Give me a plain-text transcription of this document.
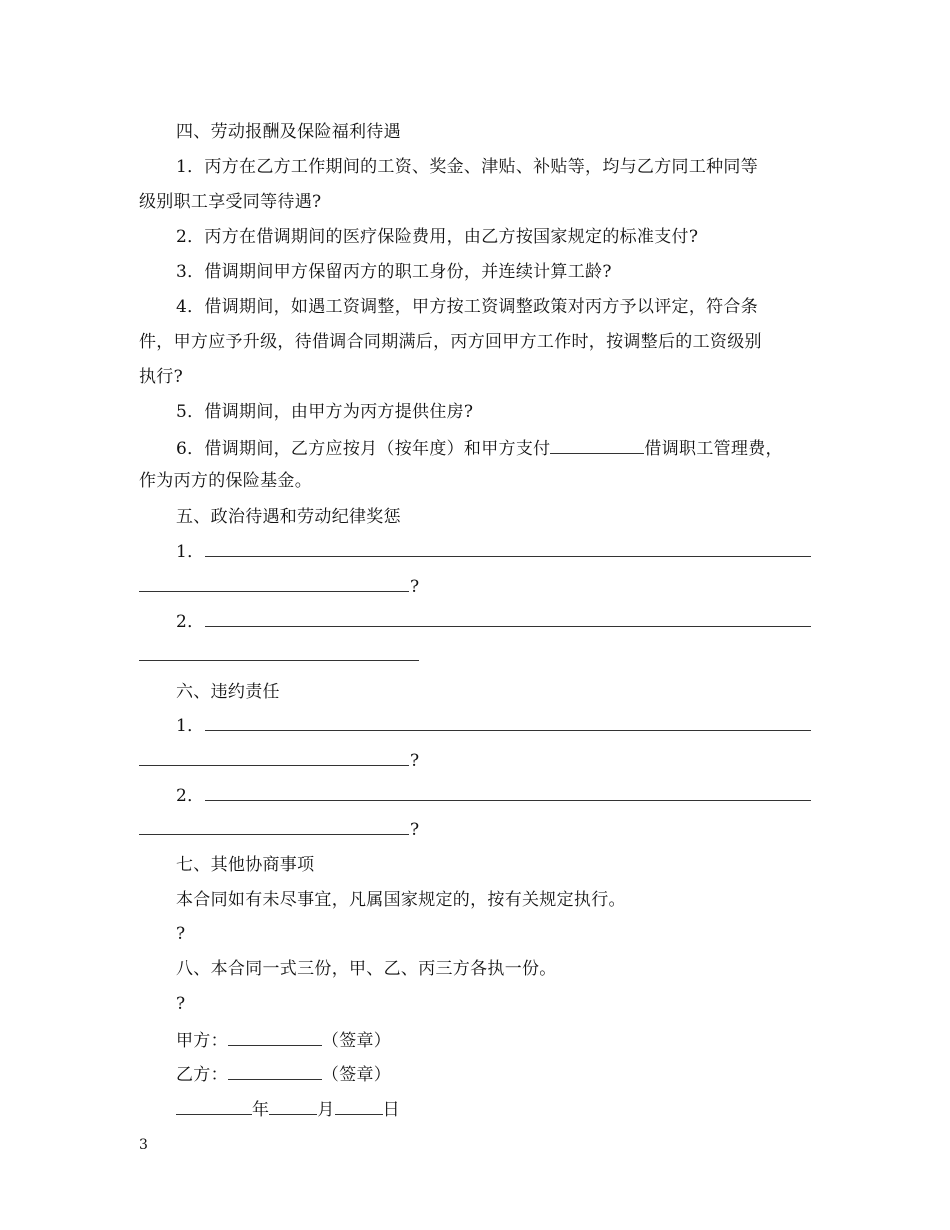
四、劳动报酬及保险福利待遇
1．丙方在乙方工作期间的工资、奖金、津贴、补贴等，均与乙方同工种同等
级别职工享受同等待遇?
2．丙方在借调期间的医疗保险费用，由乙方按国家规定的标准支付?
3．借调期间甲方保留丙方的职工身份，并连续计算工龄?
4．借调期间，如遇工资调整，甲方按工资调整政策对丙方予以评定，符合条
件，甲方应予升级，待借调合同期满后，丙方回甲方工作时，按调整后的工资级别
执行?
5．借调期间，由甲方为丙方提供住房?
6．借调期间，乙方应按月（按年度）和甲方支付	借调职工管理费，
作为丙方的保险基金。
五、政治待遇和劳动纪律奖惩
1．
?
2．
六、违约责任
1．
?
2．
?
七、其他协商事项
本合同如有未尽事宜，凡属国家规定的，按有关规定执行。
?
八、本合同一式三份，甲、乙、丙三方各执一份。
?
甲方：	（签章）
乙方：	（签章）
年	月	日
3
